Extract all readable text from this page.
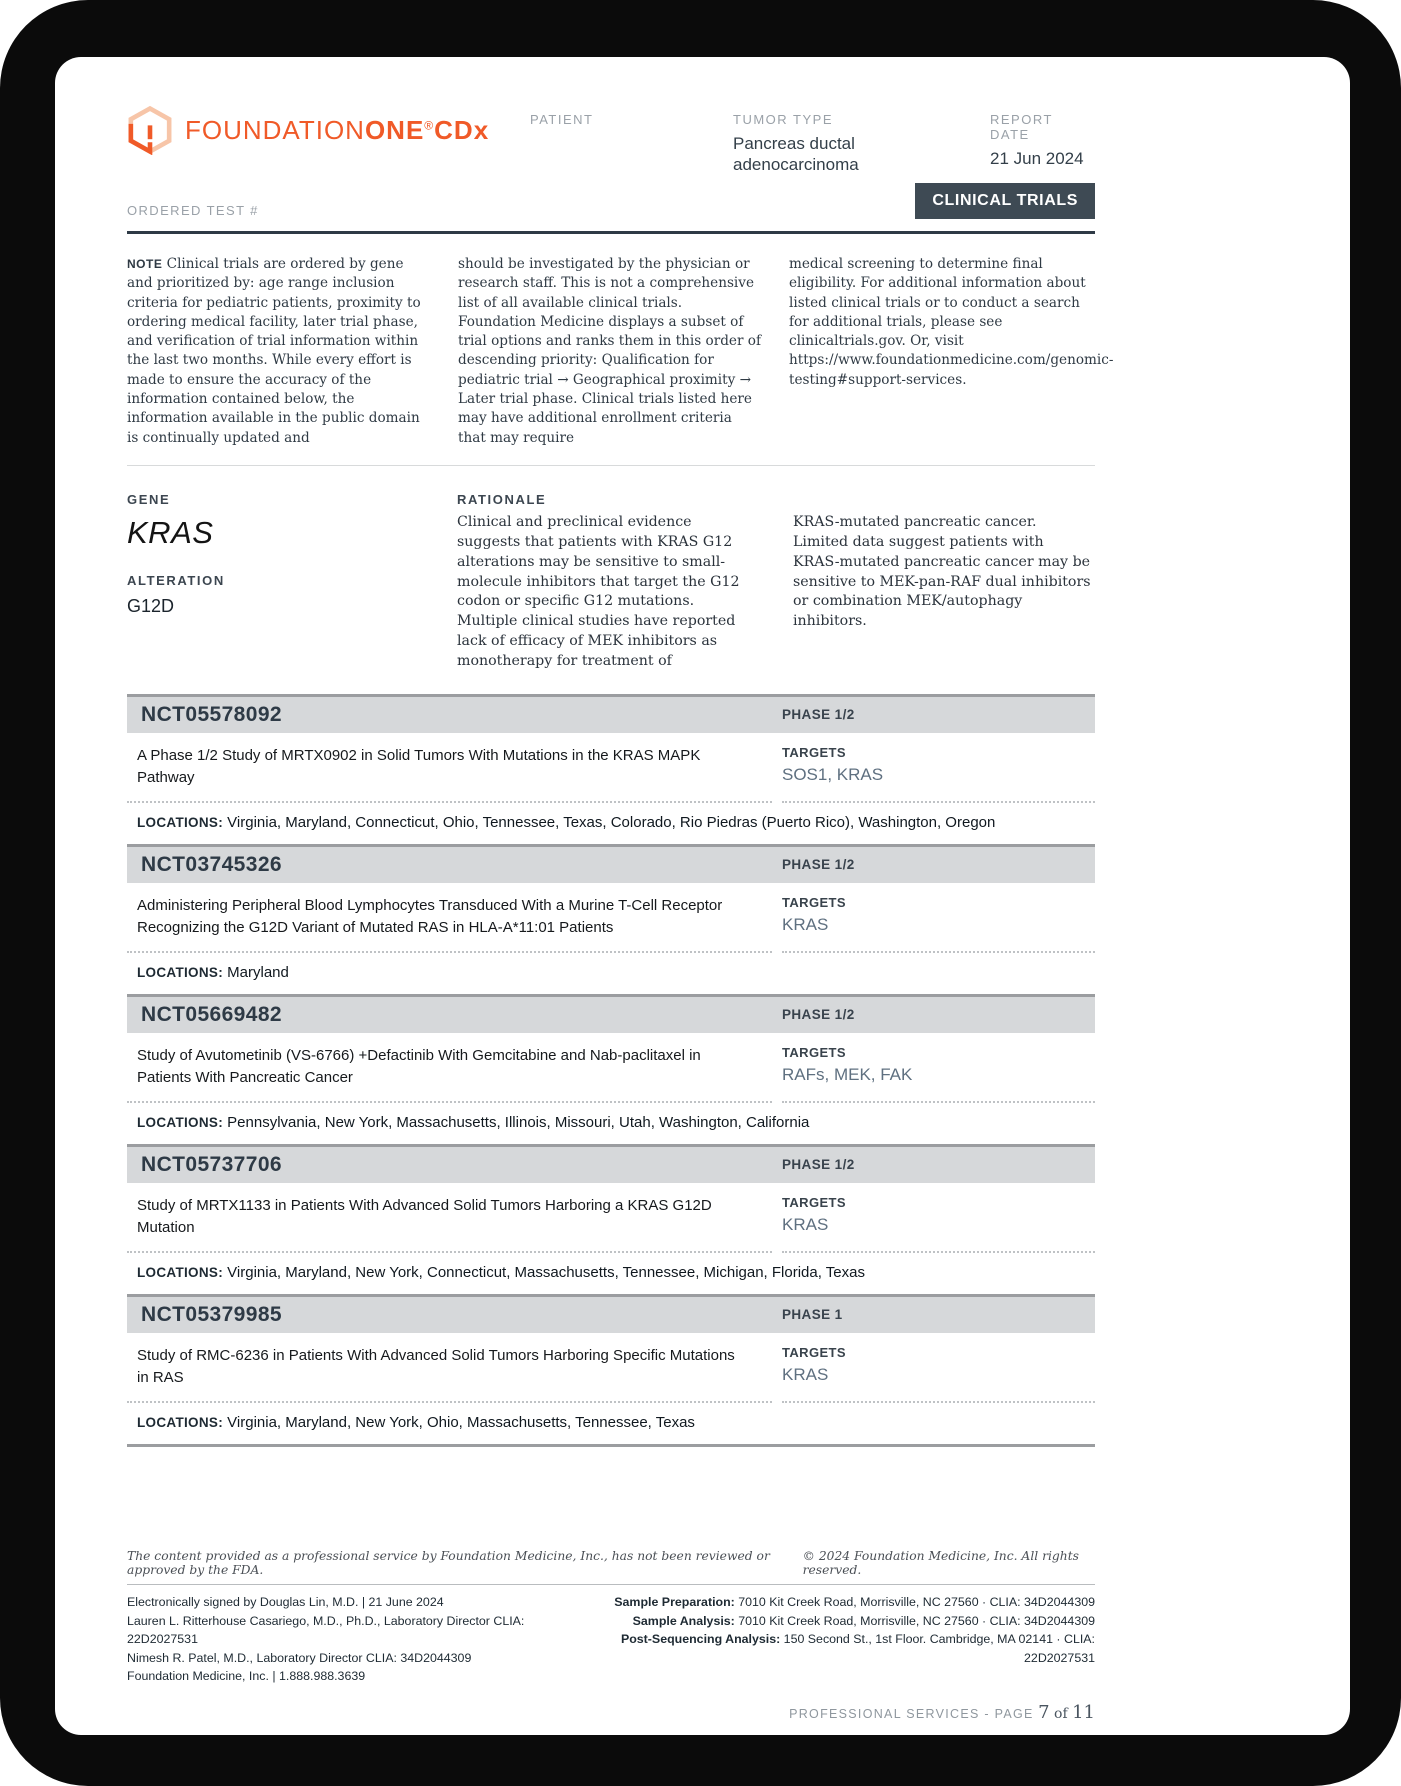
FOUNDATIONONE®CDx	PATIENT	TUMOR TYPE
Pancreas ductal adenocarcinoma
REPORT DATE
21 Jun 2024
CLINICAL TRIALS
ORDERED TEST #

NOTE Clinical trials are ordered by gene and prioritized by: age range inclusion criteria for pediatric patients, proximity to ordering medical facility, later trial phase, and verification of trial information within the last two months. While every effort is made to ensure the accuracy of the information contained below, the information available in the public domain is continually updated and

should be investigated by the physician or research staff. This is not a comprehensive list of all available clinical trials. Foundation Medicine displays a subset of trial options and ranks them in this order of descending priority: Qualification for pediatric trial → Geographical proximity → Later trial phase. Clinical trials listed here may have additional enrollment criteria that may require

medical screening to determine final eligibility. For additional information about listed clinical trials or to conduct a search for additional trials, please see clinicaltrials.gov. Or, visit https://www.foundationmedicine.com/genomic-testing#support-services.

GENE
KRAS
ALTERATION
G12D
RATIONALE

Clinical and preclinical evidence suggests that patients with KRAS G12 alterations may be sensitive to small-molecule inhibitors that target the G12 codon or specific G12 mutations. Multiple clinical studies have reported lack of efficacy of MEK inhibitors as monotherapy for treatment of

KRAS-mutated pancreatic cancer. Limited data suggest patients with KRAS-mutated pancreatic cancer may be sensitive to MEK-pan-RAF dual inhibitors or combination MEK/autophagy inhibitors.

NCT05578092	PHASE 1/2
A Phase 1/2 Study of MRTX0902 in Solid Tumors With Mutations in the KRAS MAPK Pathway
TARGETS
SOS1, KRAS
LOCATIONS: Virginia, Maryland, Connecticut, Ohio, Tennessee, Texas, Colorado, Rio Piedras (Puerto Rico), Washington, Oregon
NCT03745326	PHASE 1/2
Administering Peripheral Blood Lymphocytes Transduced With a Murine T-Cell Receptor Recognizing the G12D Variant of Mutated RAS in HLA-A*11:01 Patients
TARGETS
KRAS
LOCATIONS: Maryland
NCT05669482	PHASE 1/2
Study of Avutometinib (VS-6766) +Defactinib With Gemcitabine and Nab-paclitaxel in Patients With Pancreatic Cancer
TARGETS
RAFs, MEK, FAK
LOCATIONS: Pennsylvania, New York, Massachusetts, Illinois, Missouri, Utah, Washington, California
NCT05737706	PHASE 1/2
Study of MRTX1133 in Patients With Advanced Solid Tumors Harboring a KRAS G12D Mutation
TARGETS
KRAS
LOCATIONS: Virginia, Maryland, New York, Connecticut, Massachusetts, Tennessee, Michigan, Florida, Texas
NCT05379985	PHASE 1
Study of RMC-6236 in Patients With Advanced Solid Tumors Harboring Specific Mutations in RAS
TARGETS
KRAS
LOCATIONS: Virginia, Maryland, New York, Ohio, Massachusetts, Tennessee, Texas
The content provided as a professional service by Foundation Medicine, Inc., has not been reviewed or approved by the FDA.
© 2024 Foundation Medicine, Inc. All rights reserved.
Electronically signed by Douglas Lin, M.D. | 21 June 2024
Lauren L. Ritterhouse Casariego, M.D., Ph.D., Laboratory Director CLIA: 22D2027531
Nimesh R. Patel, M.D., Laboratory Director CLIA: 34D2044309
Foundation Medicine, Inc. | 1.888.988.3639
Sample Preparation: 7010 Kit Creek Road, Morrisville, NC 27560 · CLIA: 34D2044309
Sample Analysis: 7010 Kit Creek Road, Morrisville, NC 27560 · CLIA: 34D2044309
Post-Sequencing Analysis: 150 Second St., 1st Floor. Cambridge, MA 02141 · CLIA: 22D2027531
PROFESSIONAL SERVICES - PAGE 7 of 11
